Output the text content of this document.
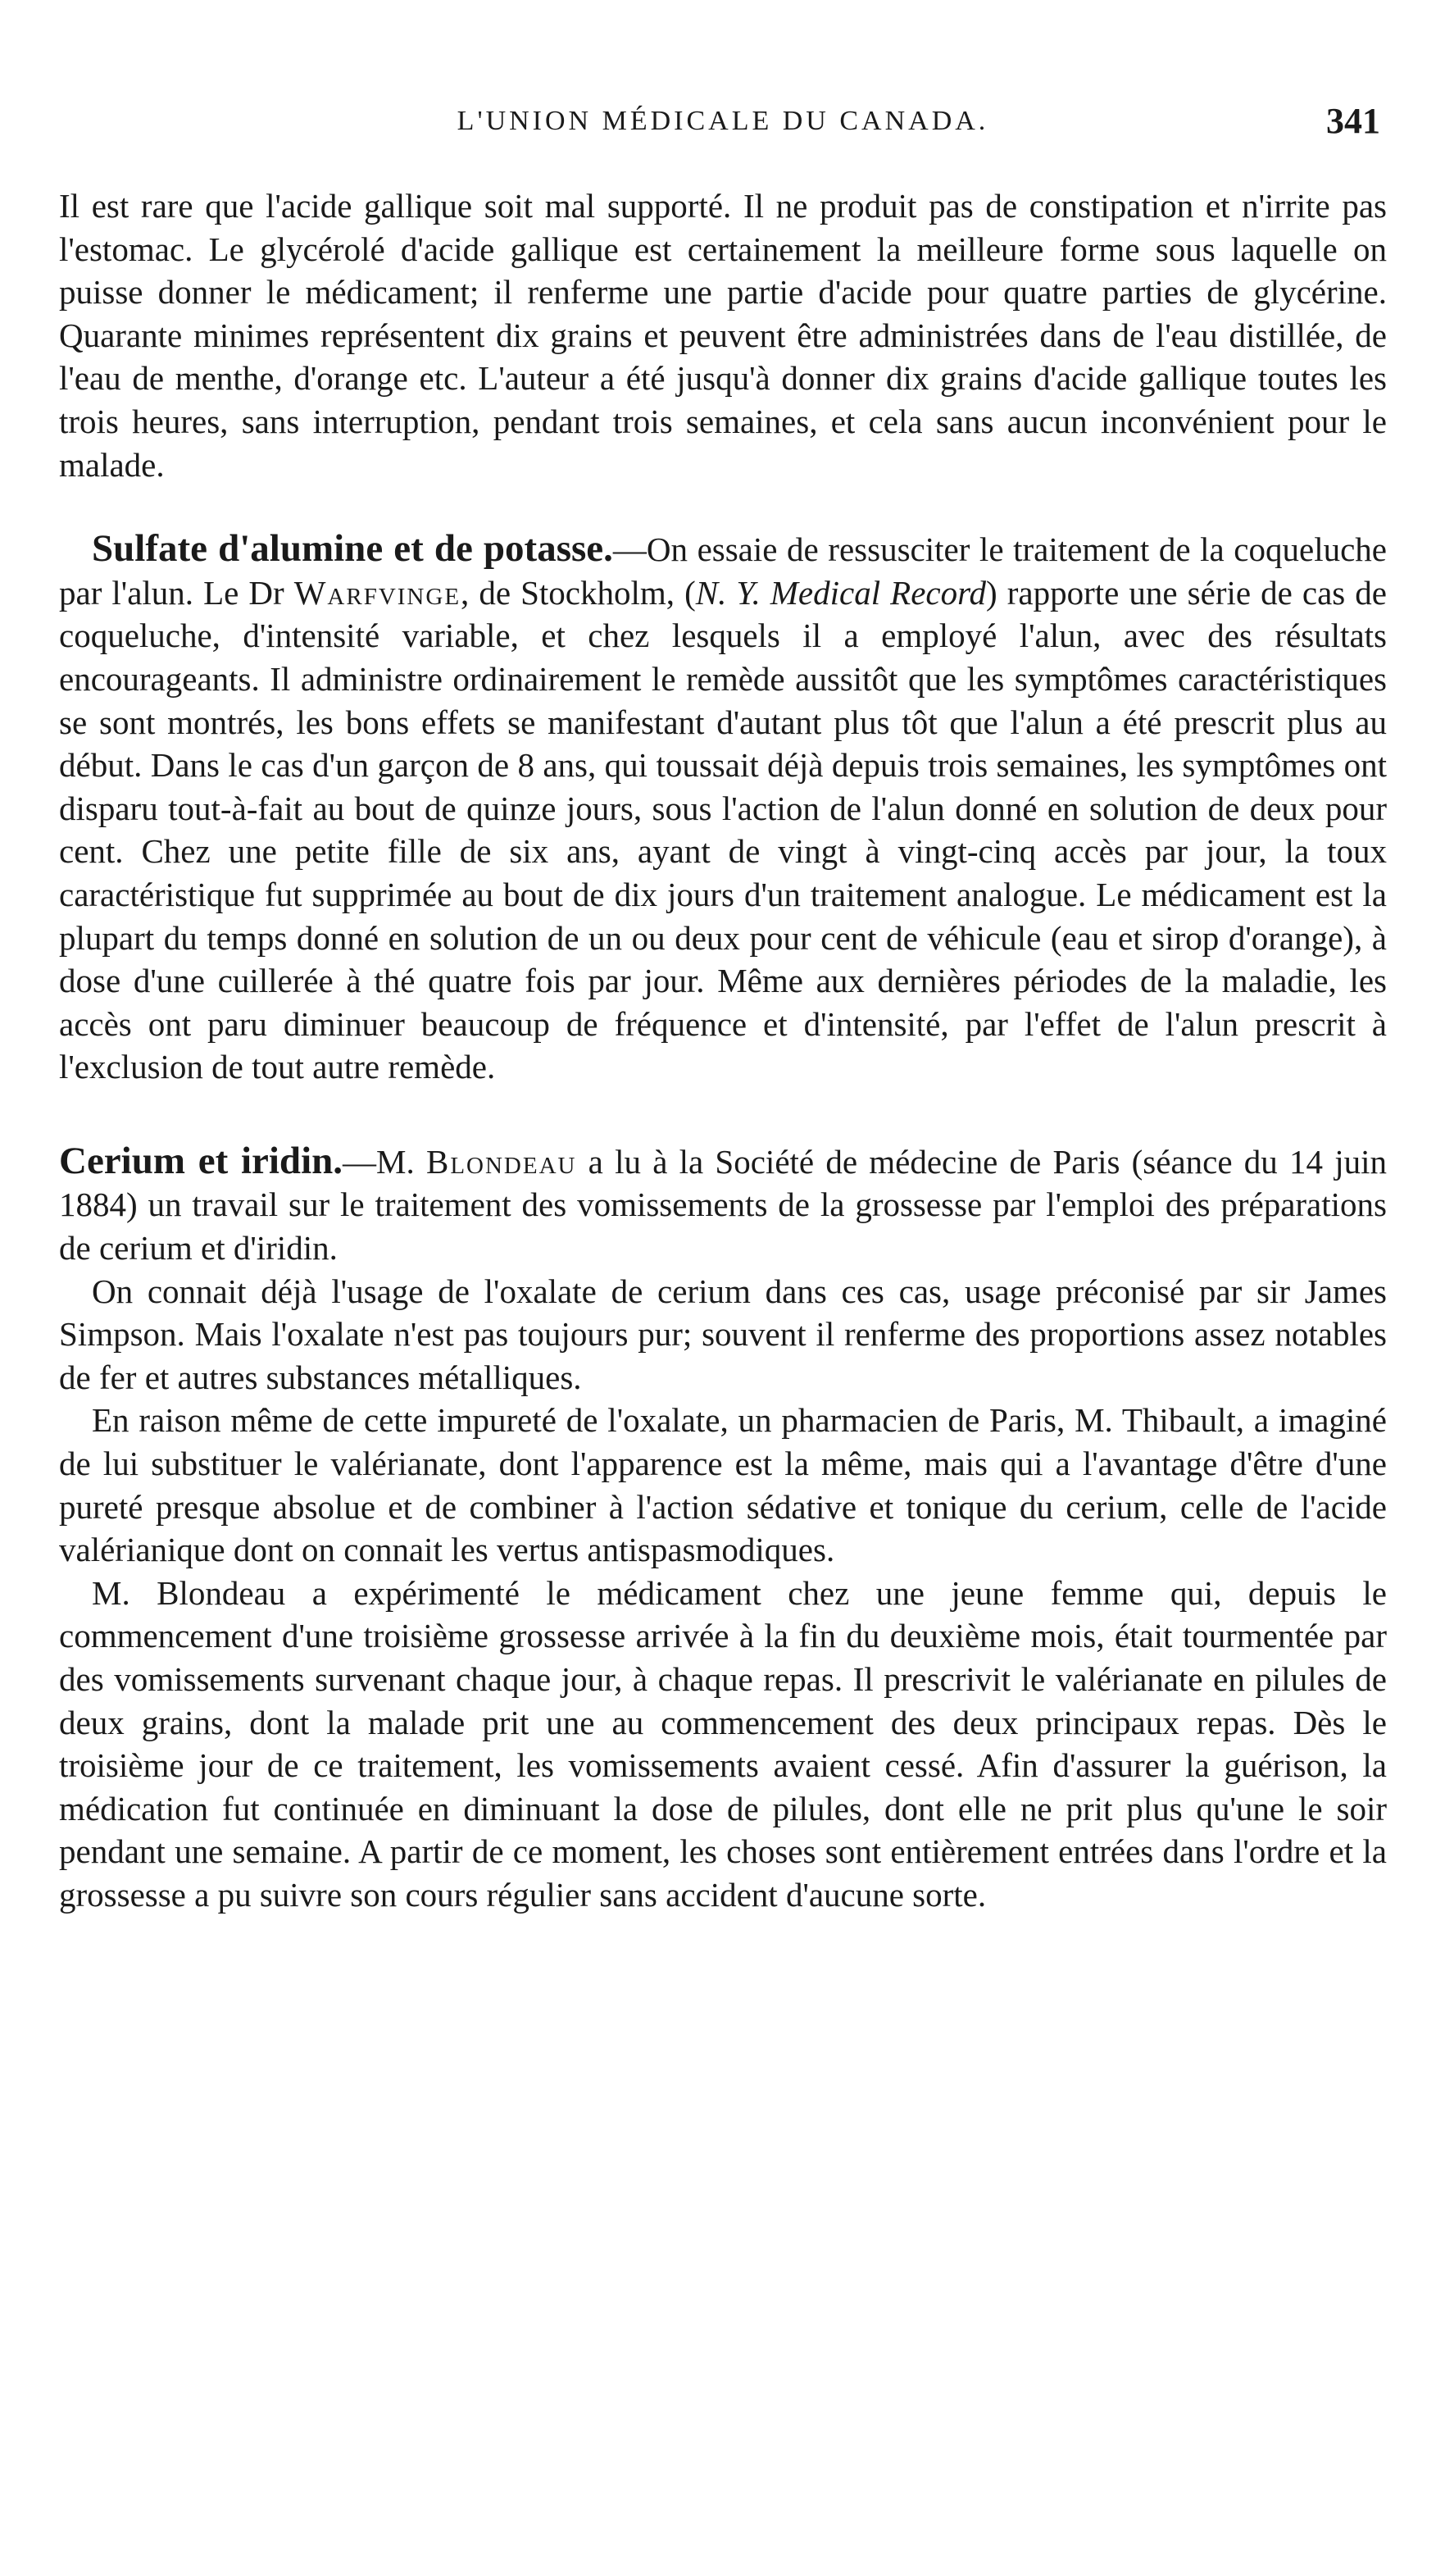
L'UNION MÉDICALE DU CANADA.	341

Il est rare que l'acide gallique soit mal supporté. Il ne produit pas de constipation et n'irrite pas l'estomac. Le glycérolé d'acide gallique est certainement la meilleure forme sous laquelle on puisse donner le médicament; il renferme une partie d'acide pour quatre parties de glycérine. Quarante minimes représentent dix grains et peuvent être administrées dans de l'eau distillée, de l'eau de menthe, d'orange etc. L'auteur a été jusqu'à donner dix grains d'acide gallique toutes les trois heures, sans interruption, pendant trois semaines, et cela sans aucun inconvénient pour le malade.

Sulfate d'alumine et de potasse.—On essaie de ressusciter le traitement de la coqueluche par l'alun. Le Dr Warfvinge, de Stockholm, (N. Y. Medical Record) rapporte une série de cas de coqueluche, d'intensité variable, et chez lesquels il a employé l'alun, avec des résultats encourageants. Il administre ordinairement le remède aussitôt que les symptômes caractéristiques se sont montrés, les bons effets se manifestant d'autant plus tôt que l'alun a été prescrit plus au début. Dans le cas d'un garçon de 8 ans, qui toussait déjà depuis trois semaines, les symptômes ont disparu tout-à-fait au bout de quinze jours, sous l'action de l'alun donné en solution de deux pour cent. Chez une petite fille de six ans, ayant de vingt à vingt-cinq accès par jour, la toux caractéristique fut supprimée au bout de dix jours d'un traitement analogue. Le médicament est la plupart du temps donné en solution de un ou deux pour cent de véhicule (eau et sirop d'orange), à dose d'une cuillerée à thé quatre fois par jour. Même aux dernières périodes de la maladie, les accès ont paru diminuer beaucoup de fréquence et d'intensité, par l'effet de l'alun prescrit à l'exclusion de tout autre remède.

Cerium et iridin.—M. Blondeau a lu à la Société de médecine de Paris (séance du 14 juin 1884) un travail sur le traitement des vomissements de la grossesse par l'emploi des préparations de cerium et d'iridin.

On connait déjà l'usage de l'oxalate de cerium dans ces cas, usage préconisé par sir James Simpson. Mais l'oxalate n'est pas toujours pur; souvent il renferme des proportions assez notables de fer et autres substances métalliques.

En raison même de cette impureté de l'oxalate, un pharmacien de Paris, M. Thibault, a imaginé de lui substituer le valérianate, dont l'apparence est la même, mais qui a l'avantage d'être d'une pureté presque absolue et de combiner à l'action sédative et tonique du cerium, celle de l'acide valérianique dont on connait les vertus antispasmodiques.

M. Blondeau a expérimenté le médicament chez une jeune femme qui, depuis le commencement d'une troisième grossesse arrivée à la fin du deuxième mois, était tourmentée par des vomissements survenant chaque jour, à chaque repas. Il prescrivit le valérianate en pilules de deux grains, dont la malade prit une au commencement des deux principaux repas. Dès le troisième jour de ce traitement, les vomissements avaient cessé. Afin d'assurer la guérison, la médication fut continuée en diminuant la dose de pilules, dont elle ne prit plus qu'une le soir pendant une semaine. A partir de ce moment, les choses sont entièrement entrées dans l'ordre et la grossesse a pu suivre son cours régulier sans accident d'aucune sorte.
